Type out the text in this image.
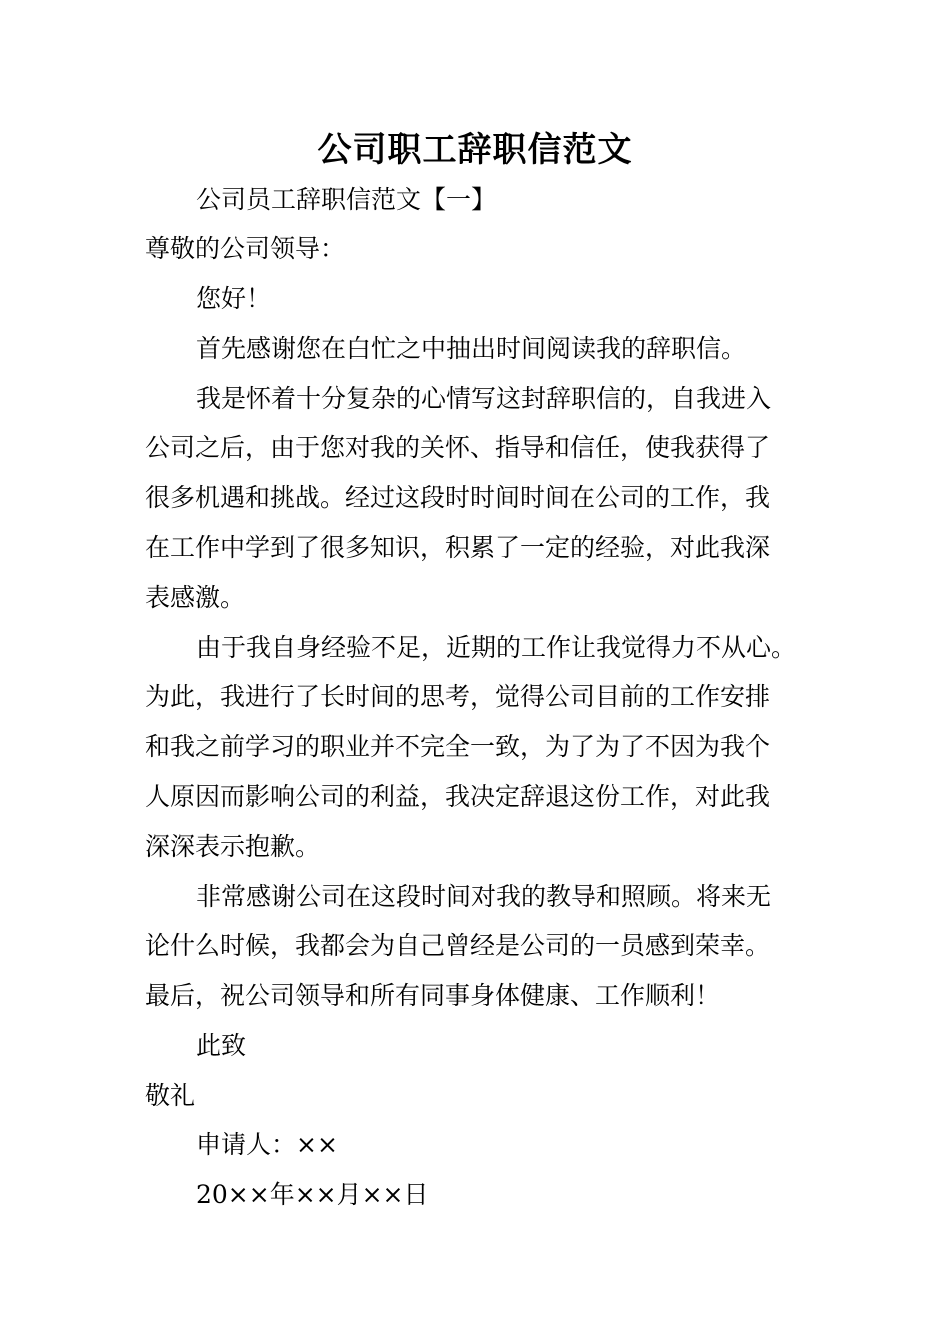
公司职工辞职信范文
公司员工辞职信范文【一】
尊敬的公司领导：
您好！
首先感谢您在白忙之中抽出时间阅读我的辞职信。
我是怀着十分复杂的心情写这封辞职信的，自我进入
公司之后，由于您对我的关怀、指导和信任，使我获得了
很多机遇和挑战。经过这段时时间时间在公司的工作，我
在工作中学到了很多知识，积累了一定的经验，对此我深
表感激。
由于我自身经验不足，近期的工作让我觉得力不从心。
为此，我进行了长时间的思考，觉得公司目前的工作安排
和我之前学习的职业并不完全一致，为了为了不因为我个
人原因而影响公司的利益，我决定辞退这份工作，对此我
深深表示抱歉。
非常感谢公司在这段时间对我的教导和照顾。将来无
论什么时候，我都会为自己曾经是公司的一员感到荣幸。
最后，祝公司领导和所有同事身体健康、工作顺利！
此致
敬礼
申请人：××
20××年××月××日
